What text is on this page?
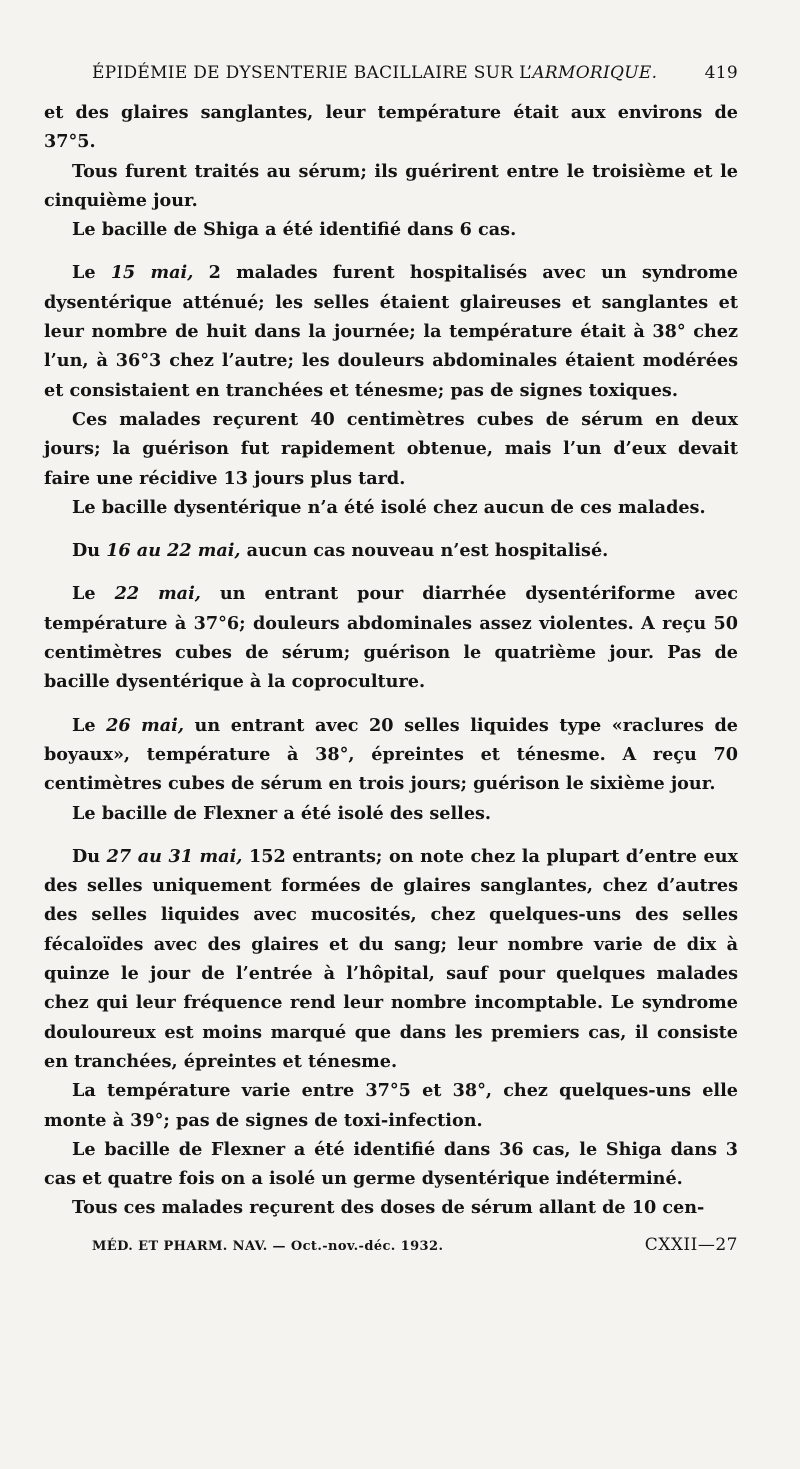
ÉPIDÉMIE DE DYSENTERIE BACILLAIRE SUR L’ARMORIQUE.	419

et des glaires sanglantes, leur température était aux environs de 37°5.

Tous furent traités au sérum; ils guérirent entre le troisième et le cinquième jour.

Le bacille de Shiga a été identifié dans 6 cas.

Le 15 mai, 2 malades furent hospitalisés avec un syndrome dysentérique atténué; les selles étaient glaireuses et sanglantes et leur nombre de huit dans la journée; la température était à 38° chez l’un, à 36°3 chez l’autre; les douleurs abdominales étaient modérées et consistaient en tranchées et ténesme; pas de signes toxiques.

Ces malades reçurent 40 centimètres cubes de sérum en deux jours; la guérison fut rapidement obtenue, mais l’un d’eux devait faire une récidive 13 jours plus tard.

Le bacille dysentérique n’a été isolé chez aucun de ces malades.

Du 16 au 22 mai, aucun cas nouveau n’est hospitalisé.

Le 22 mai, un entrant pour diarrhée dysentériforme avec température à 37°6; douleurs abdominales assez violentes. A reçu 50 centimètres cubes de sérum; guérison le quatrième jour. Pas de bacille dysentérique à la coproculture.

Le 26 mai, un entrant avec 20 selles liquides type «raclures de boyaux», température à 38°, épreintes et ténesme. A reçu 70 centimètres cubes de sérum en trois jours; guérison le sixième jour.

Le bacille de Flexner a été isolé des selles.

Du 27 au 31 mai, 152 entrants; on note chez la plupart d’entre eux des selles uniquement formées de glaires sanglantes, chez d’autres des selles liquides avec mucosités, chez quelques-uns des selles fécaloïdes avec des glaires et du sang; leur nombre varie de dix à quinze le jour de l’entrée à l’hôpital, sauf pour quelques malades chez qui leur fréquence rend leur nombre incomptable. Le syndrome douloureux est moins marqué que dans les premiers cas, il consiste en tranchées, épreintes et ténesme.

La température varie entre 37°5 et 38°, chez quelques-uns elle monte à 39°; pas de signes de toxi-infection.

Le bacille de Flexner a été identifié dans 36 cas, le Shiga dans 3 cas et quatre fois on a isolé un germe dysentérique indéterminé.

Tous ces malades reçurent des doses de sérum allant de 10 cen-

MÉD. ET PHARM. NAV. — Oct.-nov.-déc. 1932.	CXXII—27
